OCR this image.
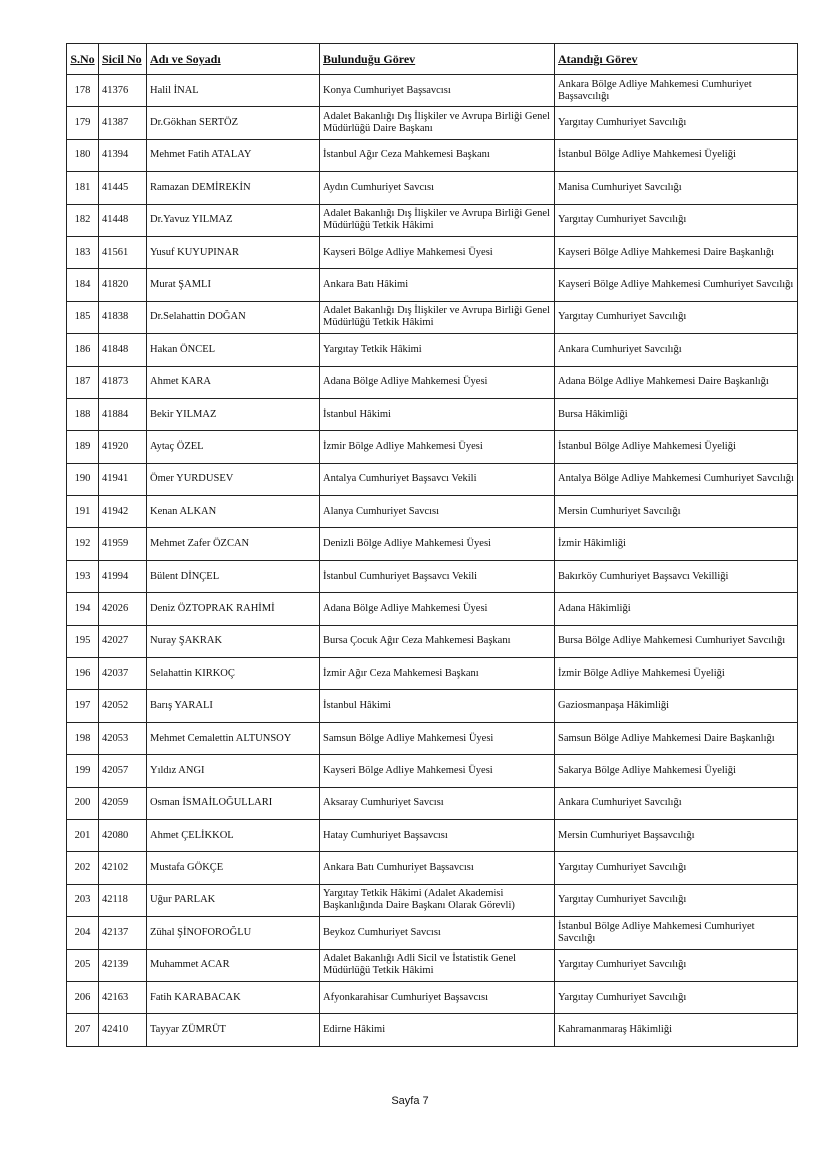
S.No	Sicil No	Adı ve Soyadı	Bulunduğu Görev	Atandığı Görev
178	41376	Halil İNAL	Konya Cumhuriyet Başsavcısı	Ankara Bölge Adliye Mahkemesi Cumhuriyet Başsavcılığı
179	41387	Dr.Gökhan SERTÖZ	Adalet Bakanlığı Dış İlişkiler ve Avrupa Birliği Genel Müdürlüğü Daire Başkanı	Yargıtay Cumhuriyet Savcılığı
180	41394	Mehmet Fatih ATALAY	İstanbul Ağır Ceza Mahkemesi Başkanı	İstanbul Bölge Adliye Mahkemesi Üyeliği
181	41445	Ramazan DEMİREKİN	Aydın Cumhuriyet Savcısı	Manisa Cumhuriyet Savcılığı
182	41448	Dr.Yavuz YILMAZ	Adalet Bakanlığı Dış İlişkiler ve Avrupa Birliği Genel Müdürlüğü Tetkik Hâkimi	Yargıtay Cumhuriyet Savcılığı
183	41561	Yusuf KUYUPINAR	Kayseri Bölge Adliye Mahkemesi Üyesi	Kayseri Bölge Adliye Mahkemesi Daire Başkanlığı
184	41820	Murat ŞAMLI	Ankara Batı Hâkimi	Kayseri Bölge Adliye Mahkemesi Cumhuriyet Savcılığı
185	41838	Dr.Selahattin DOĞAN	Adalet Bakanlığı Dış İlişkiler ve Avrupa Birliği Genel Müdürlüğü Tetkik Hâkimi	Yargıtay Cumhuriyet Savcılığı
186	41848	Hakan ÖNCEL	Yargıtay Tetkik Hâkimi	Ankara Cumhuriyet Savcılığı
187	41873	Ahmet KARA	Adana Bölge Adliye Mahkemesi Üyesi	Adana Bölge Adliye Mahkemesi Daire Başkanlığı
188	41884	Bekir YILMAZ	İstanbul Hâkimi	Bursa Hâkimliği
189	41920	Aytaç ÖZEL	İzmir Bölge Adliye Mahkemesi Üyesi	İstanbul Bölge Adliye Mahkemesi Üyeliği
190	41941	Ömer YURDUSEV	Antalya Cumhuriyet Başsavcı Vekili	Antalya Bölge Adliye Mahkemesi Cumhuriyet Savcılığı
191	41942	Kenan ALKAN	Alanya Cumhuriyet Savcısı	Mersin Cumhuriyet Savcılığı
192	41959	Mehmet Zafer ÖZCAN	Denizli Bölge Adliye Mahkemesi Üyesi	İzmir Hâkimliği
193	41994	Bülent DİNÇEL	İstanbul Cumhuriyet Başsavcı Vekili	Bakırköy Cumhuriyet Başsavcı Vekilliği
194	42026	Deniz ÖZTOPRAK RAHİMİ	Adana Bölge Adliye Mahkemesi Üyesi	Adana Hâkimliği
195	42027	Nuray ŞAKRAK	Bursa Çocuk Ağır Ceza Mahkemesi Başkanı	Bursa Bölge Adliye Mahkemesi Cumhuriyet Savcılığı
196	42037	Selahattin KIRKOÇ	İzmir Ağır Ceza Mahkemesi Başkanı	İzmir Bölge Adliye Mahkemesi Üyeliği
197	42052	Barış YARALI	İstanbul Hâkimi	Gaziosmanpaşa Hâkimliği
198	42053	Mehmet Cemalettin ALTUNSOY	Samsun Bölge Adliye Mahkemesi Üyesi	Samsun Bölge Adliye Mahkemesi Daire Başkanlığı
199	42057	Yıldız ANGI	Kayseri Bölge Adliye Mahkemesi Üyesi	Sakarya Bölge Adliye Mahkemesi Üyeliği
200	42059	Osman İSMAİLOĞULLARI	Aksaray Cumhuriyet Savcısı	Ankara Cumhuriyet Savcılığı
201	42080	Ahmet ÇELİKKOL	Hatay Cumhuriyet Başsavcısı	Mersin Cumhuriyet Başsavcılığı
202	42102	Mustafa GÖKÇE	Ankara Batı Cumhuriyet Başsavcısı	Yargıtay Cumhuriyet Savcılığı
203	42118	Uğur PARLAK	Yargıtay Tetkik Hâkimi (Adalet Akademisi Başkanlığında Daire Başkanı Olarak Görevli)	Yargıtay Cumhuriyet Savcılığı
204	42137	Zühal ŞİNOFOROĞLU	Beykoz Cumhuriyet Savcısı	İstanbul Bölge Adliye Mahkemesi Cumhuriyet Savcılığı
205	42139	Muhammet ACAR	Adalet Bakanlığı Adli Sicil ve İstatistik Genel Müdürlüğü Tetkik Hâkimi	Yargıtay Cumhuriyet Savcılığı
206	42163	Fatih KARABACAK	Afyonkarahisar Cumhuriyet Başsavcısı	Yargıtay Cumhuriyet Savcılığı
207	42410	Tayyar ZÜMRÜT	Edirne Hâkimi	Kahramanmaraş Hâkimliği
Sayfa 7
